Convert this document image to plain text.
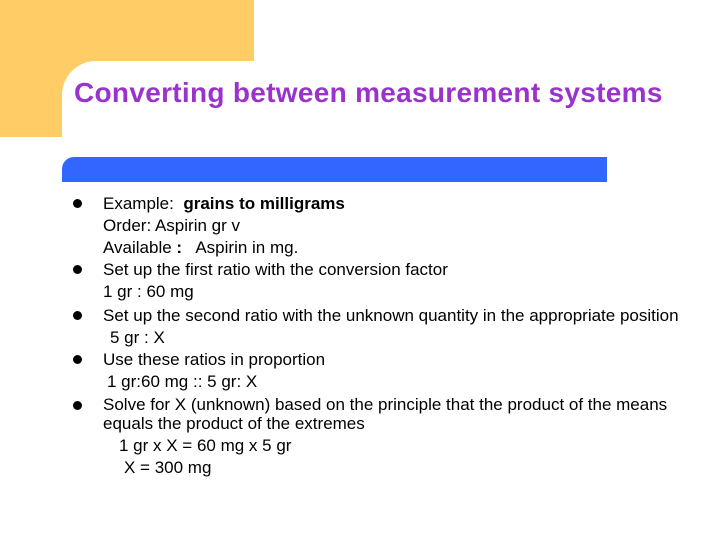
Converting between measurement systems
Example: grains to milligrams
Order: Aspirin gr v
Available :   Aspirin in mg.
Set up the first ratio with the conversion factor
1 gr : 60 mg
Set up the second ratio with the unknown quantity in the appropriate position
5 gr : X
Use these ratios in proportion
1 gr:60 mg :: 5 gr: X
Solve for X (unknown) based on the principle that the product of the means equals the product of the extremes
1 gr x X = 60 mg x 5 gr
X = 300 mg
